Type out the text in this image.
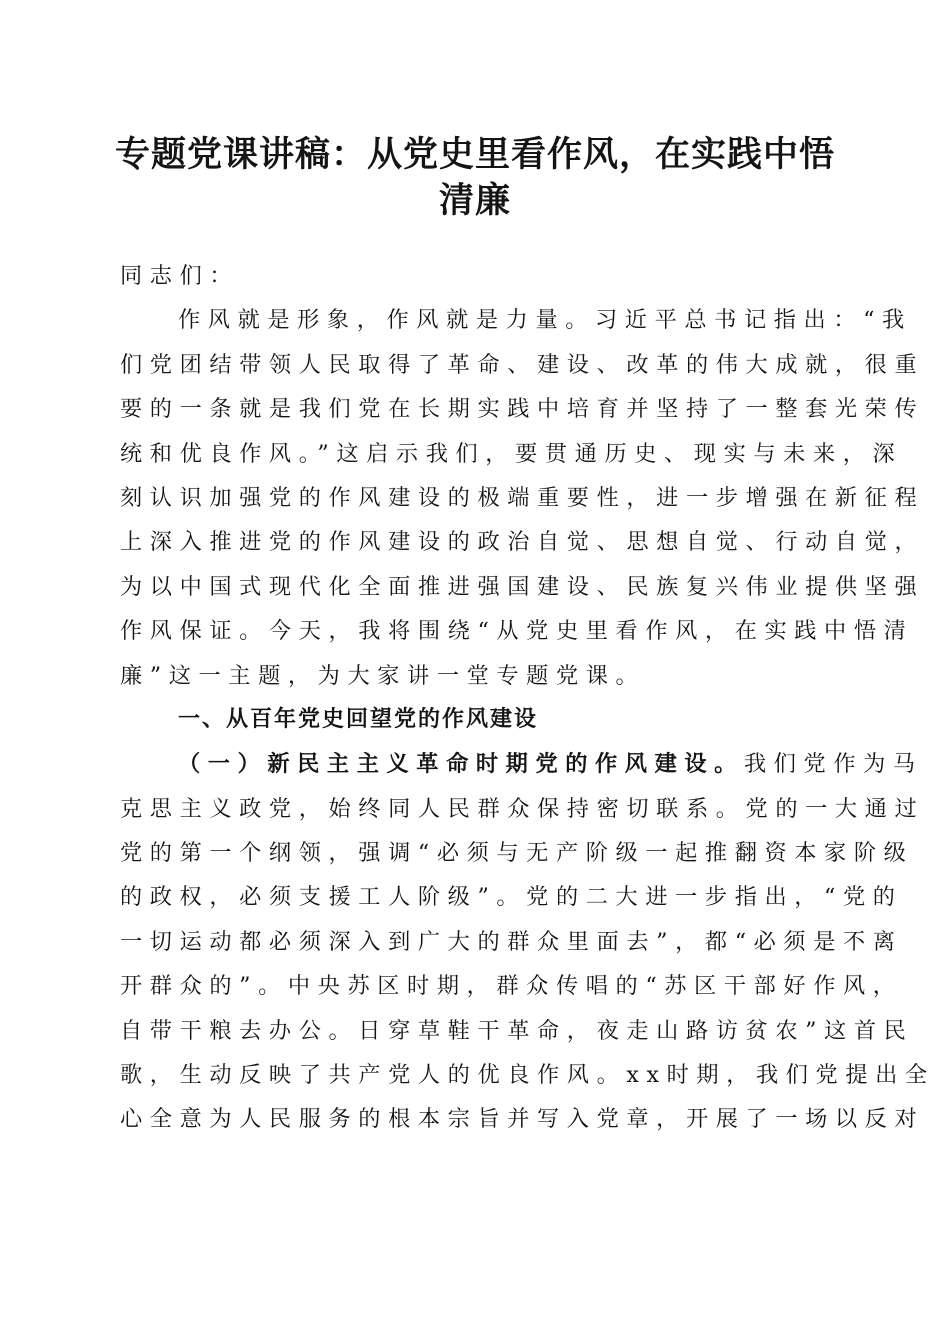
专题党课讲稿：从党史里看作风，在实践中悟
清廉
同志们：
作风就是形象，作风就是力量。习近平总书记指出：“我
们党团结带领人民取得了革命、建设、改革的伟大成就，很重
要的一条就是我们党在长期实践中培育并坚持了一整套光荣传
统和优良作风。”这启示我们，要贯通历史、现实与未来，深
刻认识加强党的作风建设的极端重要性，进一步增强在新征程
上深入推进党的作风建设的政治自觉、思想自觉、行动自觉，
为以中国式现代化全面推进强国建设、民族复兴伟业提供坚强
作风保证。今天，我将围绕“从党史里看作风，在实践中悟清
廉”这一主题，为大家讲一堂专题党课。
一、从百年党史回望党的作风建设
（一）新民主主义革命时期党的作风建设。我们党作为马
克思主义政党，始终同人民群众保持密切联系。党的一大通过
党的第一个纲领，强调“必须与无产阶级一起推翻资本家阶级
的政权，必须支援工人阶级”。党的二大进一步指出，“党的
一切运动都必须深入到广大的群众里面去”，都“必须是不离
开群众的”。中央苏区时期，群众传唱的“苏区干部好作风，
自带干粮去办公。日穿草鞋干革命，夜走山路访贫农”这首民
歌，生动反映了共产党人的优良作风。xx时期，我们党提出全
心全意为人民服务的根本宗旨并写入党章，开展了一场以反对
